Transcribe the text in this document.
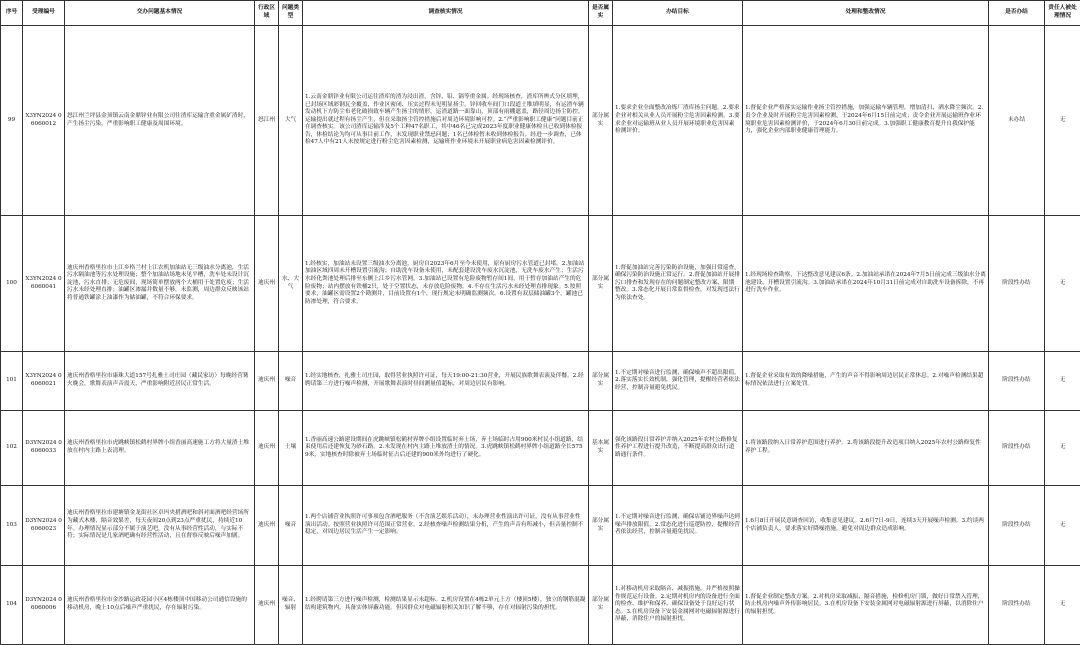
序号	受理编号	交办问题基本情况	行政区域	问题类型	调查核实情况	是否属实	办结目标	处理和整改情况	是否办结	责任人被处理情况
99	X3YN2024 06060012	怒江州兰坪县金顶镇云南金鼎锌业有限公司往渣库运输含重金属矿渣时，产生扬尘污染，严重影响职工健康及周围环境。	怒江州	大气	1.云南金鼎锌业有限公司运往渣库的渣为浸出渣，含锌、铅、镉等重金属。经现场核查，渣库所辨式分区填埋，已封场区域彩钢瓦全覆盖，作业区密闭、压实过程未见明显扬尘。锌回收车间门口段道土堆填明显，有运渣车辆发动机下方防尘布老化破损致车辆产生扬尘的情形，运渣道路一面靠山，顶部有雨棚遮盖，路径周边扬尘防控，运输提出就过程有扬尘产生，但在采取扬尘管控措施后对周边环境影响可控。2.“严重影响职工健康”问题目前正在调查核实。该公司渣库运输涉及5个工种47名职工，其中46名已完成2023年度职业健康体检且已收到体检报告，体检结论为均可从事目前工作，未发现职业禁忌问题；1名已体检暂未收到体检报告。经进一步调查，已体检47人中有21人未按规定进行粉尘危害因素检测，运输班作业环境未开展职业病危害因素检测评价。	部分属实	1.要求企业全面整改冶炼厂渣库扬尘问题。2.要求企业对相关从业人员开展粉尘危害因素检测。3.要求企业对运输班从业人员开展环境职业危害因素检测评价。	1.督促企业严格落实运输作业扬尘管控措施，加强运输车辆管理，增加清扫、洒水降尘频次。2.责令企业及时开展粉尘危害因素检测，于2024年6月15日前完成；责令企业开展运输班作业环境职业危害因素检测评价，于2024年6月30日前完成。3.加强职工健康教育提升自我保护能力，强化企业内部职业健康管理能力。	未办结	无
100	X3YN2024 06060041	迪庆州香格里拉市上江乡格兰村上江农机加油站无三级油水分离池，生活污水隔油池等污水处理设施；整个加油站场地未见平槽，洗车处未设计沉淀池，污水直排；无危废间，现场简单摆放两个大桶用于处置危废；生活污水未经处理直排；油罐区渗漏并数量不够，未监测，周边群众反映该站将普通铁罐涂上油漆作为储油罐，不符合环保要求。	迪庆州	水、大气	1.经核实，加油站未设置三级油水分离池，厨房自2023年6月至今未使用，原有厨房污水管道已封堵。2.加油站加油区域四周未开槽设置引流沟；自助洗车设备未使用，未配套建设洗车废水沉淀池，无洗车废水产生；生活污水经化粪池处理后排至东侧上江乡污水管网。3.加油站已设置有危险废物暂存间1间，用于暂存加油站产生的危险废物；站内摆放有铁桶2只，处于空置状态，未存放危险废物。4.不存在生活污水未经处理直排现象。5.按照要求，油罐区需设置2个勘测井，目前设置有1个，现行规定未明确监测频次。6.设置有双层储油罐3个，罐池已防渗处理，符合要求。	部分属实	1.督促加油站完善污染防治设施，加强日常巡查，确保污染防治设施正常运行。2.督促加油站开展排污口排查和发现存在的问题制定整改方案、限期整改。3.常态化开展日常监督检查，对发现违法行为依法查处。	1.经现场检查勘察，下达整改意见建议6条。2.加油站承诺在2024年7月5日前完成三级油水分离池建设、开槽设置引流沟。3.加油站承诺在2024年10月31日前完成对自助洗车设备拆除，不再进行洗车作业。	阶段性办结	无
101	X3YN2024 06060021	迪庆州香格里拉市康珠大道157号扎雅土司庄园（藏民家访）每晚经营篝火晚会，歌舞表演声音震天，严重影响附近居民正常生活。	迪庆州	噪音	1.经实地核查，扎雅土司庄园，取得营业执照许可证，每天19:00-21:30营业，开展民族歌舞表演及伴餐。2.经聘请第三方进行噪声检测，开展歌舞表演时昼间测量值超标，对周边居民有影响。	部分属实	1.不定期对噪音进行监测，确保噪声不超出限值。2.落实落实长效机制，强化管理，提醒经营者依法经营，控制音量避免扰民。	1.督促企业采取有效的降噪措施，产生的声音不得影响周边居民正常休息。2.对噪声检测结果超标情况依法进行立案处罚。	阶段性办结	无
102	D3YN2024 06060033	迪庆州香格里拉市虎跳峡镇松鹤村界牌小组香丽高速施工方将大量渣土堆放在村内主路上表清理。	迪庆州	土壤	1.香丽高速公路建设期间在虎跳峡镇松鹤村界牌小组设置临时弃土场，弃土场临时占用900米村民小组道路，结束使用后还建恢复为砂石路。2.未发现在村内主路上堆放渣土的情况。3.虎跳峡镇松鹤村界牌小组道路全长5759米，实地核查时除被弃土场临时征占后还建的900米外均进行了硬化。	基本属实	强化该路段日常养护并纳入2025年农村公路修复性养护工程进行提升改造，不断提高群众出行道路通行条件。	1.将该路段纳入日常养护范围进行养护。2.将该路段提升改造项目纳入2025年农村公路修复性养护工程。	阶段性办结	无
103	D3YN2024 06060023	迪庆州香格里拉市建塘镇金龙街社区卓玛央措酒吧和斜对面酒吧经营场所为藏式木楼，隔音效果差，每天夜间20点到23点严重扰民，持续近10年。办理情况显示部分不属于演艺吧，没有从事经营性活动，与实际不符；实际情况是几家酒吧确有经营性活动，且在督察反映后噪声加剧。	迪庆州	噪音	1.两个店铺营业执照许可事项包含酒吧服务（不含演艺娱乐活动），未办理营业性演出许可证，没有从事营业性演出活动。按照营业执照许可范围正常营业。2.经核查噪声检测结果分析，产生的声音有所减小，但音量控制不稳定，对周边居民生活产生一定影响。	部分属实	1.不定期对噪音进行监测，确保店铺边界噪声达到噪声排放限值。2.常态化进行巡逻防控，提醒经营者依法经营，控制音量避免扰民。	1.6月8日开展民意调查回访，收集意见建议。2.6月7日-9日，连续3天开展噪声检测。3.约谈两个店铺负责人，要求落实好降噪措施，避免对周边群众造成影响。	阶段性办结	无
104	D3YN2024 06060006	迪庆州香格里拉市金沙路运政花园小区4栋楼顶中国移动公司通信设施的移动机房，晚上10点后噪声严重扰民，存在辐射污染。	迪庆州	噪音、辐射	1.经聘请第三方进行噪声检测，检测结果显示未超标。2.机房设置在4栋2单元上方（楼顶5楼），独立的钢筋混凝结构建筑物内，具备实体屏蔽功能。但因群众对电磁辐射相关知识了解不够，存在对辐射污染的担忧。	部分属实	1.对移动机房采取隔音、减振措施，并严格按照操作规范运行设备。2.定期对机房内的设备进行全面的检查、维护和保养，确保设备处于良好运行状态。3.在机房设备下安装金属网对电磁辐射源进行屏蔽，消除住户的辐射担忧。	1.督促企业制定整改方案。2.对机房采取减振、隔音措施，检修机房门锁，做好日常禁入管理，防止机房内噪声外传影响居民。3.在机房设备下安装金属网对电磁辐射源进行屏蔽，以消除住户的辐射担忧。	阶段性办结	无
